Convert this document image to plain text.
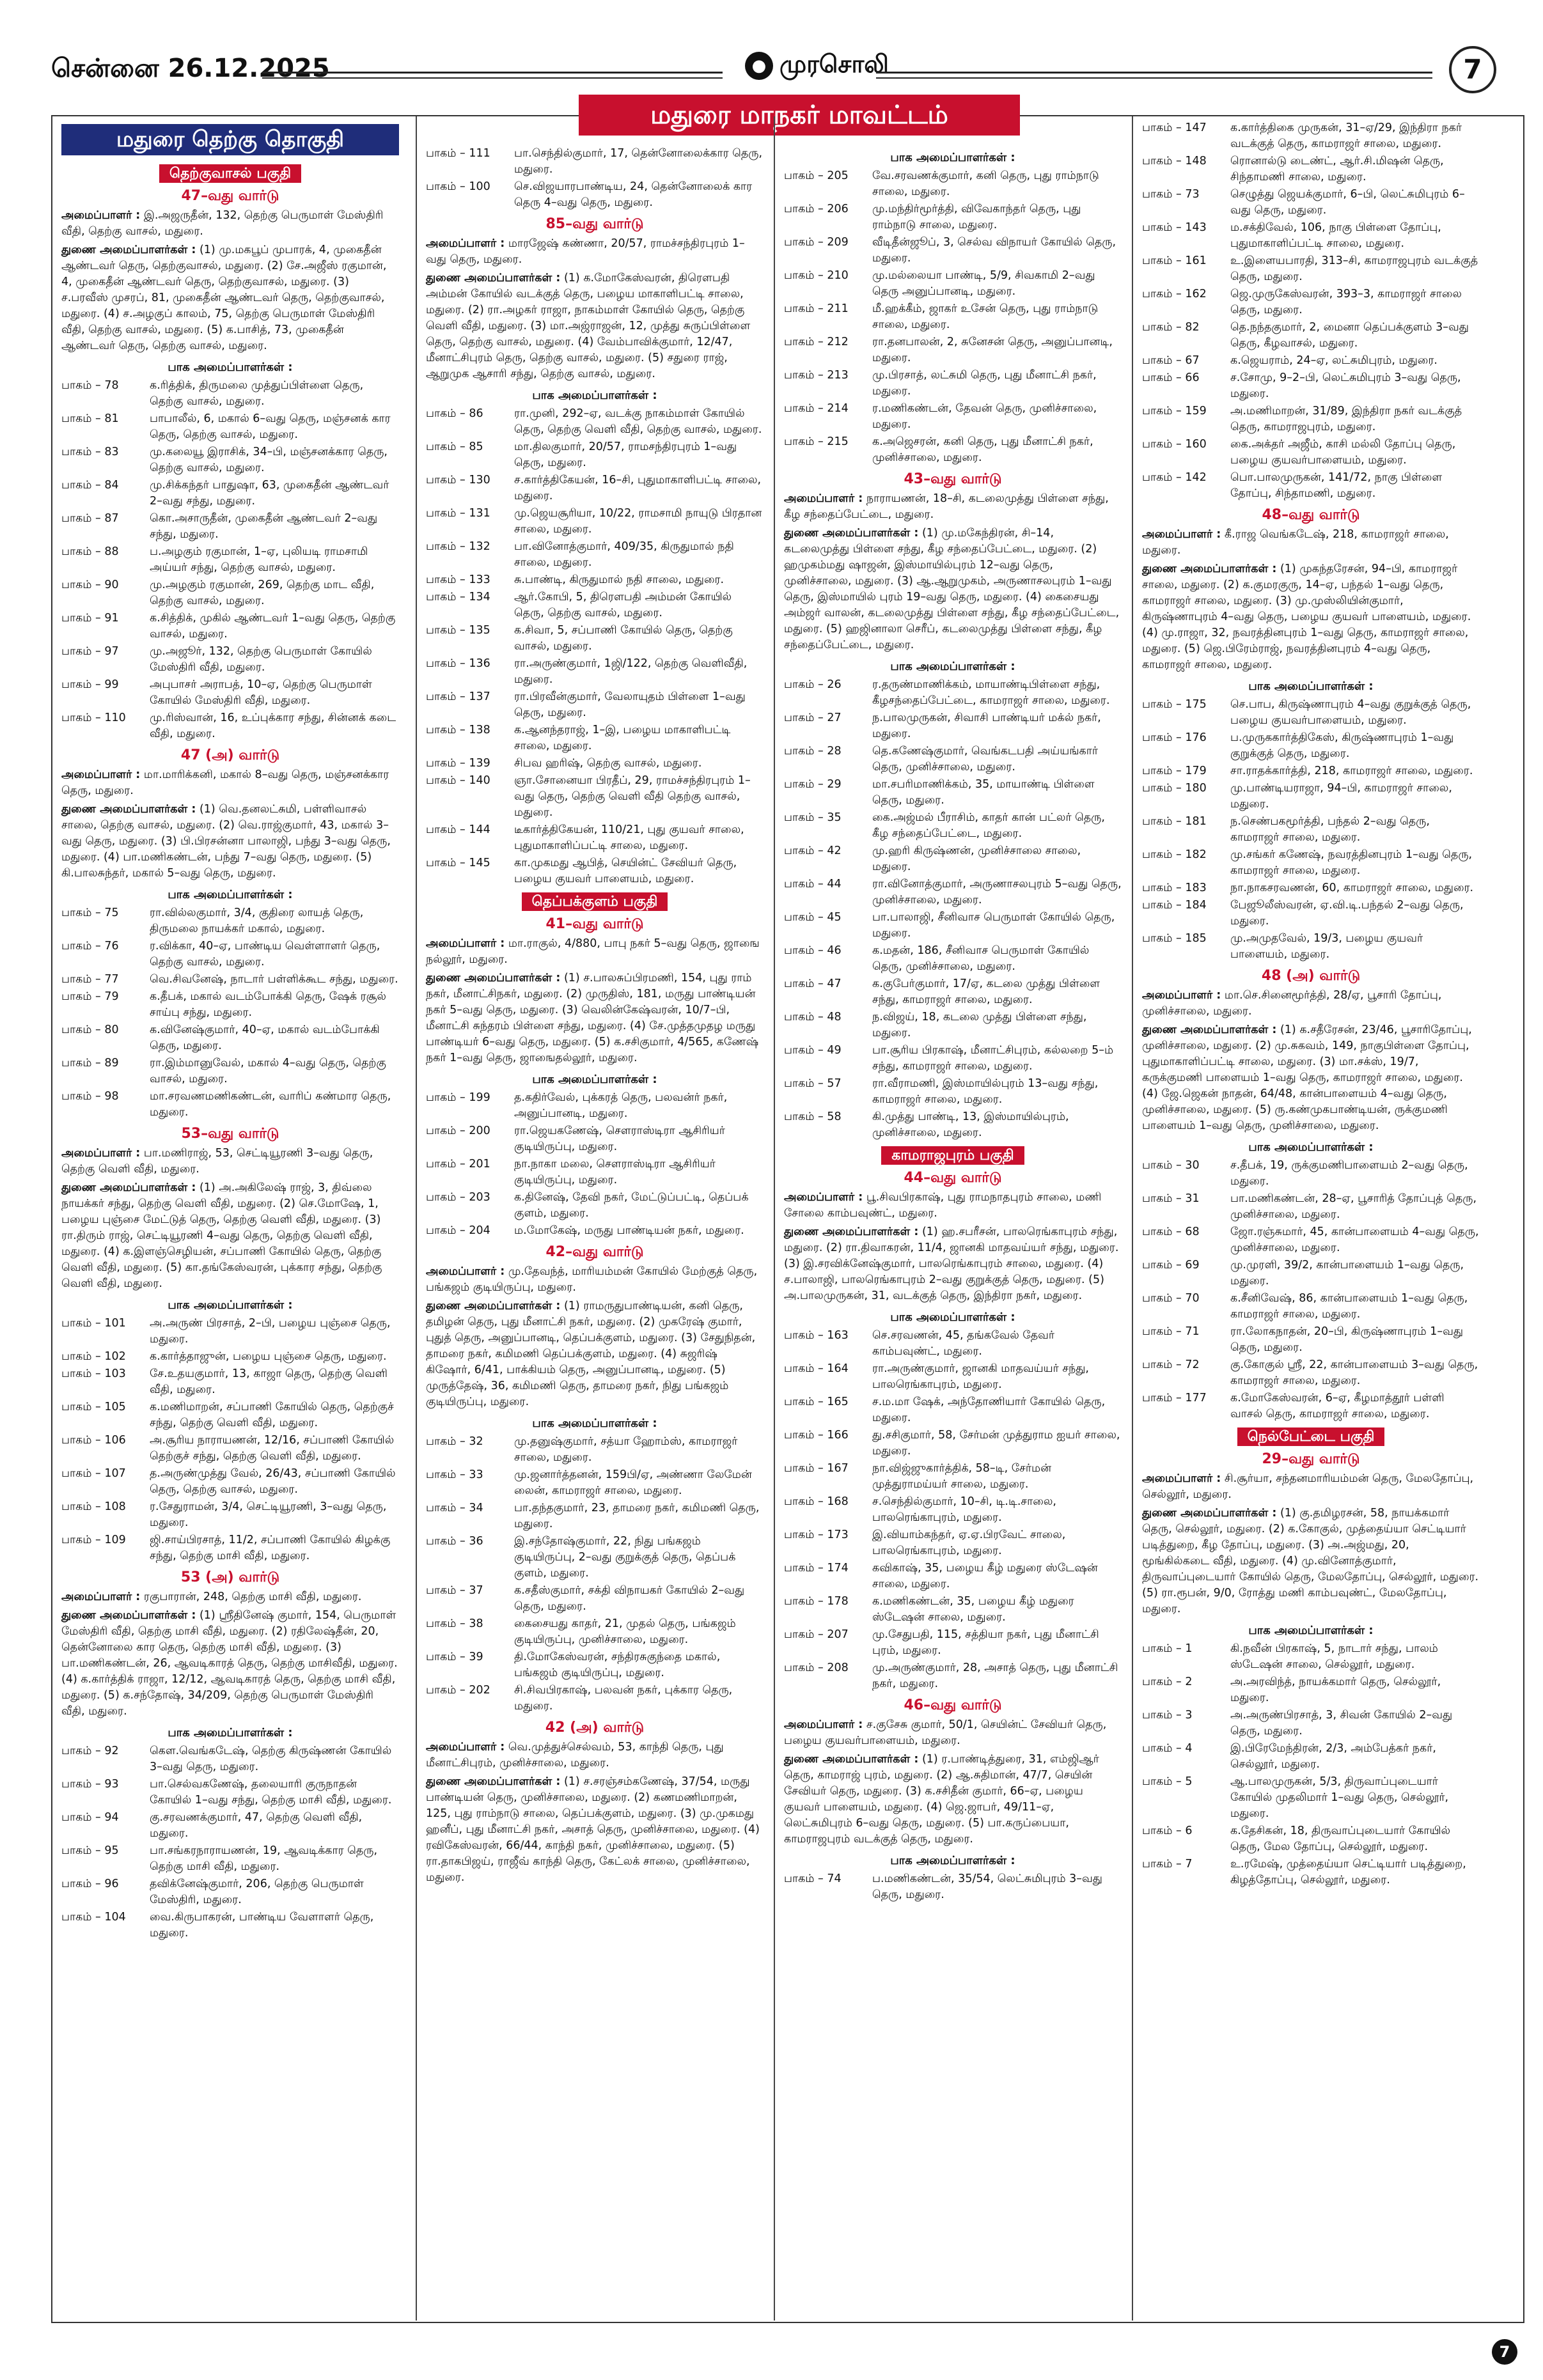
சென்னை 26.12.2025	● முரசொலி	7
மதுரை மாநகர் மாவட்டம்
மதுரை தெற்கு தொகுதி
தெற்குவாசல் பகுதி
47–வது வார்டு
அமைப்பாளர் : இ.அஜருதீன், 132, தெற்கு பெருமாள் மேஸ்திரி வீதி, தெற்கு வாசல், மதுரை.
துணை அமைப்பாளர்கள் : (1) மு.மகபூப் முபாரக், 4, முகைதீன் ஆண்டவர் தெரு, தெற்குவாசல், மதுரை. (2) சே.அஜீஸ் ரகுமான், 4, முகைதீன் ஆண்டவர் தெரு, தெற்குவாசல், மதுரை. (3) ச.பரவீஸ் முசரப், 81, முகைதீன் ஆண்டவர் தெரு, தெற்குவாசல், மதுரை. (4) ச.அழகுப் காலம், 75, தெற்கு பெருமாள் மேஸ்திரி வீதி, தெற்கு வாசல், மதுரை. (5) க.பாசித், 73, முகைதீன் ஆண்டவர் தெரு, தெற்கு வாசல், மதுரை.
பாக அமைப்பாளர்கள் :
பாகம் – 78	க.ரித்திக், திருமலை முத்துப்பிள்ளை தெரு, தெற்கு வாசல், மதுரை.
பாகம் – 81	பாபாலீல், 6, மகால் 6–வது தெரு, மஞ்சனக் கார தெரு, தெற்கு வாசல், மதுரை.
பாகம் – 83	மு.கலையூ இராசிக், 34–பி, மஞ்சனக்கார தெரு, தெற்கு வாசல், மதுரை.
பாகம் – 84	மு.சிக்கந்தர் பாதுஷா, 63, முகைதீன் ஆண்டவர் 2–வது சந்து, மதுரை.
பாகம் – 87	கொ.அசாருதீன், முகைதீன் ஆண்டவர் 2–வது சந்து, மதுரை.
பாகம் – 88	ப.அழகும் ரகுமான், 1–ஏ, புலியடி ராமசாமி அய்யர் சந்து, தெற்கு வாசல், மதுரை.
பாகம் – 90	மு.அழகும் ரகுமான், 269, தெற்கு மாட வீதி, தெற்கு வாசல், மதுரை.
பாகம் – 91	க.சித்திக், முகில் ஆண்டவர் 1–வது தெரு, தெற்கு வாசல், மதுரை.
பாகம் – 97	மு.அஜூர், 132, தெற்கு பெருமாள் கோயில் மேஸ்திரி வீதி, மதுரை.
பாகம் – 99	அபுபாசர் அராபத், 10–ஏ, தெற்கு பெருமாள் கோயில் மேஸ்திரி வீதி, மதுரை.
பாகம் – 110	மு.ரிஸ்வான், 16, உப்புக்கார சந்து, சின்னக் கடை வீதி, மதுரை.
47 (அ) வார்டு
அமைப்பாளர் : மா.மாரிக்கனி, மகால் 8–வது தெரு, மஞ்சனக்கார தெரு, மதுரை.
துணை அமைப்பாளர்கள் : (1) வெ.தனலட்சுமி, பள்ளிவாசல் சாலை, தெற்கு வாசல், மதுரை. (2) வெ.ராஜ்குமார், 43, மகால் 3–வது தெரு, மதுரை. (3) பி.பிரசன்னா பாலாஜி, பந்து 3–வது தெரு, மதுரை. (4) பா.மணிகண்டன், பந்து 7–வது தெரு, மதுரை. (5) கி.பாலசுந்தர், மகால் 5–வது தெரு, மதுரை.
பாக அமைப்பாளர்கள் :
பாகம் – 75	ரா.வில்லகுமார், 3/4, குதிரை லாயத் தெரு, திருமலை நாயக்கர் மகால், மதுரை.
பாகம் – 76	ர.விக்கா, 40–ஏ, பாண்டிய வெள்ளாளர் தெரு, தெற்கு வாசல், மதுரை.
பாகம் – 77	வெ.சிவனேஷ், நாடார் பள்ளிக்கூட சந்து, மதுரை.
பாகம் – 79	க.தீபக், மகால் வடம்போக்கி தெரு, ஷேக் ரசூல் சாய்பு சந்து, மதுரை.
பாகம் – 80	க.வினேஷ்குமார், 40–ஏ, மகால் வடம்போக்கி தெரு, மதுரை.
பாகம் – 89	ரா.இம்மானுவேல், மகால் 4–வது தெரு, தெற்கு வாசல், மதுரை.
பாகம் – 98	மா.சரவணமணிகண்டன், வாரிப் கண்மார தெரு, மதுரை.
53–வது வார்டு
அமைப்பாளர் : பா.மணிராஜ், 53, செட்டியூரணி 3–வது தெரு, தெற்கு வெளி வீதி, மதுரை.
துணை அமைப்பாளர்கள் : (1) அ.அகிலேஷ் ராஜ், 3, திவ்லை நாயக்கர் சந்து, தெற்கு வெளி வீதி, மதுரை. (2) செ.மோஷே, 1, பழைய புஞ்சை மேட்டுத் தெரு, தெற்கு வெளி வீதி, மதுரை. (3) ரா.திரும் ராஜ், செட்டியூரணி 4–வது தெரு, தெற்கு வெளி வீதி, மதுரை. (4) க.இளஞ்செழியன், சப்பாணி கோயில் தெரு, தெற்கு வெளி வீதி, மதுரை. (5) கா.தங்கேஸ்வரன், புக்கார சந்து, தெற்கு வெளி வீதி, மதுரை.
பாக அமைப்பாளர்கள் :
பாகம் – 101	அ.அருண் பிரசாத், 2–பி, பழைய புஞ்சை தெரு, மதுரை.
பாகம் – 102	க.கார்த்தாஜுன், பழைய புஞ்சை தெரு, மதுரை.
பாகம் – 103	சே.உதயகுமார், 13, காஜா தெரு, தெற்கு வெளி வீதி, மதுரை.
பாகம் – 105	க.மணிமாறன், சப்பாணி கோயில் தெரு, தெற்குச் சந்து, தெற்கு வெளி வீதி, மதுரை.
பாகம் – 106	அ.சூரிய நாராயணன், 12/16, சப்பாணி கோயில் தெற்குச் சந்து, தெற்கு வெளி வீதி, மதுரை.
பாகம் – 107	த.அருண்முத்து வேல், 26/43, சப்பாணி கோயில் தெரு, தெற்கு வாசல், மதுரை.
பாகம் – 108	ர.சேதுராமன், 3/4, செட்டியூரணி, 3–வது தெரு, மதுரை.
பாகம் – 109	ஜி.சாய்பிரசாத், 11/2, சப்பாணி கோயில் கிழக்கு சந்து, தெற்கு மாசி வீதி, மதுரை.
53 (அ) வார்டு
அமைப்பாளர் : ரகுபாரான், 248, தெற்கு மாசி வீதி, மதுரை.
துணை அமைப்பாளர்கள் : (1) ஸ்ரீதினேஷ் குமார், 154, பெருமாள் மேஸ்திரி வீதி, தெற்கு மாசி வீதி, மதுரை. (2) ரதிலேஷ்தீன், 20, தென்னோலை கார தெரு, தெற்கு மாசி வீதி, மதுரை. (3) பா.மணிகண்டன், 26, ஆவடிகாரத் தெரு, தெற்கு மாசிவீதி, மதுரை. (4) க.கார்த்திக் ராஜா, 12/12, ஆவடிகாரத் தெரு, தெற்கு மாசி வீதி, மதுரை. (5) க.சந்தோஷ், 34/209, தெற்கு பெருமாள் மேஸ்திரி வீதி, மதுரை.
பாக அமைப்பாளர்கள் :
பாகம் – 92	கௌ.வெங்கடேஷ், தெற்கு கிருஷ்ணன் கோயில் 3–வது தெரு, மதுரை.
பாகம் – 93	பா.செல்வகணேஷ், தலையாரி குருநாதன் கோயில் 1–வது சந்து, தெற்கு மாசி வீதி, மதுரை.
பாகம் – 94	கு.சரவணக்குமார், 47, தெற்கு வெளி வீதி, மதுரை.
பாகம் – 95	பா.சங்கரநாராயணன், 19, ஆவடிக்கார தெரு, தெற்கு மாசி வீதி, மதுரை.
பாகம் – 96	தவிக்னேஷ்குமார், 206, தெற்கு பெருமாள் மேஸ்திரி, மதுரை.
பாகம் – 104	வை.கிருபாகரன், பாண்டிய வேளாளர் தெரு, மதுரை.
பாகம் – 111	பா.செந்தில்குமார், 17, தென்னோலைக்கார தெரு, மதுரை.
பாகம் – 100	செ.விஜயாரபாண்டிய, 24, தென்னோலைக் கார தெரு 4–வது தெரு, மதுரை.
85–வது வார்டு
அமைப்பாளர் : மாரஜேஷ் கண்ணா, 20/57, ராமச்சந்திரபுரம் 1–வது தெரு, மதுரை.
துணை அமைப்பாளர்கள் : (1) க.மோகேஸ்வரன், திரௌபதி அம்மன் கோயில் வடக்குத் தெரு, பழைய மாகாளிபட்டி சாலை, மதுரை. (2) ரா.அழகர் ராஜா, நாகம்மாள் கோயில் தெரு, தெற்கு வெளி வீதி, மதுரை. (3) மா.அஜ்ராஜன், 12, முத்து சுருப்பிள்ளை தெரு, தெற்கு வாசல், மதுரை. (4) வேம்பாவிக்குமார், 12/47, மீனாட்சிபுரம் தெரு, தெற்கு வாசல், மதுரை. (5) சதுரை ராஜ், ஆறுமுக ஆசாரி சந்து, தெற்கு வாசல், மதுரை.
பாக அமைப்பாளர்கள் :
பாகம் – 86	ரா.முனி, 292–ஏ, வடக்கு நாகம்மாள் கோயில் தெரு, தெற்கு வெளி வீதி, தெற்கு வாசல், மதுரை.
பாகம் – 85	மா.திலகுமார், 20/57, ராமசந்திரபுரம் 1–வது தெரு, மதுரை.
பாகம் – 130	ச.கார்த்திகேயன், 16–சி, புதுமாகாளிபட்டி சாலை, மதுரை.
பாகம் – 131	மு.ஜெயசூரியா, 10/22, ராமசாமி நாயுடு பிரதான சாலை, மதுரை.
பாகம் – 132	பா.வினோத்குமார், 409/35, கிருதுமால் நதி சாலை, மதுரை.
பாகம் – 133	சு.பாண்டி, கிருதுமால் நதி சாலை, மதுரை.
பாகம் – 134	ஆர்.கோபி, 5, திரௌபதி அம்மன் கோயில் தெரு, தெற்கு வாசல், மதுரை.
பாகம் – 135	க.சிவா, 5, சப்பாணி கோயில் தெரு, தெற்கு வாசல், மதுரை.
பாகம் – 136	ரா.அருண்குமார், 1ஜி/122, தெற்கு வெளிவீதி, மதுரை.
பாகம் – 137	ரா.பிரவீன்குமார், வேலாயுதம் பிள்ளை 1–வது தெரு, மதுரை.
பாகம் – 138	க.ஆனந்தராஜ், 1–இ, பழைய மாகாளிபட்டி சாலை, மதுரை.
பாகம் – 139	சிபவ ஹரிஷ், தெற்கு வாசல், மதுரை.
பாகம் – 140	ஞா.சோனையா பிரதீப், 29, ராமச்சந்திரபுரம் 1–வது தெரு, தெற்கு வெளி வீதி தெற்கு வாசல், மதுரை.
பாகம் – 144	டீகார்த்திகேயன், 110/21, புது குயவர் சாலை, புதுமாகாளிப்பட்டி சாலை, மதுரை.
பாகம் – 145	கா.முகமது ஆபித், செயின்ட் சேவியர் தெரு, பழைய குயவர் பாளையம், மதுரை.
தெப்பக்குளம் பகுதி
41–வது வார்டு
அமைப்பாளர் : மா.ராகுல், 4/880, பாபு நகர் 5–வது தெரு, ஜாஙை நல்லூர், மதுரை.
துணை அமைப்பாளர்கள் : (1) ச.பாலசுப்பிரமணி, 154, புது ராம் நகர், மீனாட்சிநகர், மதுரை. (2) முருதிஸ், 181, மருது பாண்டியன் நகர் 5–வது தெரு, மதுரை. (3) வெலின்கேஷ்வரன், 10/7–பி, மீனாட்சி சுந்தரம் பிள்ளை சந்து, மதுரை. (4) சே.முத்தமுதழ மருது பாண்டியர் 6–வது தெரு, மதுரை. (5) க.சசிகுமார், 4/565, கணேஷ் நகர் 1–வது தெரு, ஜாஙைதல்லூர், மதுரை.
பாக அமைப்பாளர்கள் :
பாகம் – 199	த.கதிர்வேல், புக்கரத் தெரு, பலவன்ர் நகர், அனுப்பானடி, மதுரை.
பாகம் – 200	ரா.ஜெயகணேஷ், சௌராஸ்டிரா ஆசிரியர் குடியிருப்பு, மதுரை.
பாகம் – 201	நா.நாகா மலை, சௌராஸ்டிரா ஆசிரியர் குடியிருப்பு, மதுரை.
பாகம் – 203	க.தினேஷ், தேவி நகர், மேட்டுப்பட்டி, தெப்பக் குளம், மதுரை.
பாகம் – 204	ம.மோகேஷ், மருது பாண்டியன் நகர், மதுரை.
42–வது வார்டு
அமைப்பாளர் : மு.தேவந்த், மாரியம்மன் கோயில் மேற்குத் தெரு, பங்கஜம் குடியிருப்பு, மதுரை.
துணை அமைப்பாளர்கள் : (1) ராமருதுபாண்டியன், கனி தெரு, தமிழன் தெரு, புது மீனாட்சி நகர், மதுரை. (2) முகரேஷ் குமார், புதுத் தெரு, அனுப்பானடி, தெப்பக்குளம், மதுரை. (3) சேதுநிதன், தாமரை நகர், கமிமணி தெப்பக்குளம், மதுரை. (4) சுஜரிஷ் கிஷோர், 6/41, பாக்கியம் தெரு, அனுப்பானடி, மதுரை. (5) முருத்தேஷ், 36, கமிமணி தெரு, தாமரை நகர், நிது பங்கஜம் குடியிருப்பு, மதுரை.
பாக அமைப்பாளர்கள் :
பாகம் – 32	மு.தனுஷ்குமார், சத்யா ஹோம்ஸ், காமராஜர் சாலை, மதுரை.
பாகம் – 33	மு.ஜனார்த்தனன், 159பி/ஏ, அண்ணா லேமேன் லைன், காமராஜர் சாலை, மதுரை.
பாகம் – 34	பா.தந்தகுமார், 23, தாமரை நகர், கமிமணி தெரு, மதுரை.
பாகம் – 36	இ.சந்தோஷ்குமார், 22, நிது பங்கஜம் குடியிருப்பு, 2–வது குறுக்குத் தெரு, தெப்பக் குளம், மதுரை.
பாகம் – 37	க.சதீஸ்குமார், சக்தி விநாயகர் கோயில் 2–வது தெரு, மதுரை.
பாகம் – 38	கைசையது காதர், 21, முதல் தெரு, பங்கஜம் குடியிருப்பு, முனிச்சாலை, மதுரை.
பாகம் – 39	தி.மோகேஸ்வரன், சந்திரசுகுந்தை மகால், பங்கஜம் குடியிருப்பு, மதுரை.
பாகம் – 202	சி.சிவபிரகாஷ், பலவன் நகர், புக்கார தெரு, மதுரை.
42 (அ) வார்டு
அமைப்பாளர் : வெ.முத்துச்செல்வம், 53, காந்தி தெரு, புது மீனாட்சிபுரம், முனிச்சாலை, மதுரை.
துணை அமைப்பாளர்கள் : (1) ச.சரஞ்சம்கணேஷ், 37/54, மருது பாண்டியன் தெரு, முனிச்சாலை, மதுரை. (2) கணமணிமாறன், 125, புது ராம்நாடு சாலை, தெப்பக்குளம், மதுரை. (3) மு.முகமது ஹனீப், புது மீனாட்சி நகர், அசாத் தெரு, முனிச்சாலை, மதுரை. (4) ரவிகேஸ்வரன், 66/44, காந்தி நகர், முனிச்சாலை, மதுரை. (5) ரா.தாகபிஜய், ராஜீவ் காந்தி தெரு, கேட்லக் சாலை, முனிச்சாலை, மதுரை.
பாக அமைப்பாளர்கள் :
பாகம் – 205	வே.சரவணக்குமார், கனி தெரு, புது ராம்நாடு சாலை, மதுரை.
பாகம் – 206	மு.மந்திர்மூர்த்தி, விவேகாந்தர் தெரு, புது ராம்நாடு சாலை, மதுரை.
பாகம் – 209	வீடிதீன்ஜூப், 3, செல்வ விநாயர் கோயில் தெரு, மதுரை.
பாகம் – 210	மு.மல்லையா பாண்டி, 5/9, சிவகாமி 2–வது தெரு அனுப்பானடி, மதுரை.
பாகம் – 211	மீ.ஹக்கீம், ஜாகர் உசேன் தெரு, புது ராம்நாடு சாலை, மதுரை.
பாகம் – 212	ரா.தனபாலன், 2, சுனேசன் தெரு, அனுப்பானடி, மதுரை.
பாகம் – 213	மு.பிரசாத், லட்சுமி தெரு, புது மீனாட்சி நகர், மதுரை.
பாகம் – 214	ர.மணிகண்டன், தேவன் தெரு, முனிச்சாலை, மதுரை.
பாகம் – 215	க.அஜெசரன், கனி தெரு, புது மீனாட்சி நகர், முனிச்சாலை, மதுரை.
43–வது வார்டு
அமைப்பாளர் : நாராயணன், 18–சி, கடலைமுத்து பிள்ளை சந்து, கீழ சந்தைப்பேட்டை, மதுரை.
துணை அமைப்பாளர்கள் : (1) மு.மகேந்திரன், சி–14, கடலைமுத்து பிள்ளை சந்து, கீழ சந்தைப்பேட்டை, மதுரை. (2) ஹமுகம்மது ஷாஜன், இஸ்மாயில்புரம் 12–வது தெரு, முனிச்சாலை, மதுரை. (3) ஆ.ஆறுமுகம், அருணாசலபுரம் 1–வது தெரு, இஸ்மாயில் புரம் 19–வது தெரு, மதுரை. (4) கைசையது அம்ஜர் வாலன், கடலைமுத்து பிள்ளை சந்து, கீழ சந்தைப்பேட்டை, மதுரை. (5) ஹஜினாலா செரீப், கடலைமுத்து பிள்ளை சந்து, கீழ சந்தைப்பேட்டை, மதுரை.
பாக அமைப்பாளர்கள் :
பாகம் – 26	ர.தருண்மாணிக்கம், மாயாண்டிபிள்ளை சந்து, கீழசந்தைப்பேட்டை, காமராஜர் சாலை, மதுரை.
பாகம் – 27	ந.பாலமுருகன், சிவாசி பாண்டியர் மக்ல் நகர், மதுரை.
பாகம் – 28	தெ.கணேஷ்குமார், வெங்கடபதி அய்யங்கார் தெரு, முனிச்சாலை, மதுரை.
பாகம் – 29	மா.சபரிமாணிக்கம், 35, மாயாண்டி பிள்ளை தெரு, மதுரை.
பாகம் – 35	கை.அஜ்மல் பீராசிம், காதர் கான் பட்லர் தெரு, கீழ சந்தைப்பேட்டை, மதுரை.
பாகம் – 42	மு.ஹரி கிருஷ்ணன், முனிச்சாலை சாலை, மதுரை.
பாகம் – 44	ரா.வினோத்குமார், அருணாசலபுரம் 5–வது தெரு, முனிச்சாலை, மதுரை.
பாகம் – 45	பா.பாலாஜி, சீனிவாச பெருமாள் கோயில் தெரு, மதுரை.
பாகம் – 46	க.மதன், 186, சீனிவாச பெருமாள் கோயில் தெரு, முனிச்சாலை, மதுரை.
பாகம் – 47	க.குபேர்குமார், 17/ஏ, கடலை முத்து பிள்ளை சந்து, காமராஜர் சாலை, மதுரை.
பாகம் – 48	ந.விஜய், 18, கடலை முத்து பிள்ளை சந்து, மதுரை.
பாகம் – 49	பா.சூரிய பிரகாஷ், மீனாட்சிபுரம், கல்லறை 5–ம் சந்து, காமராஜர் சாலை, மதுரை.
பாகம் – 57	ரா.வீராமணி, இஸ்மாயில்புரம் 13–வது சந்து, காமராஜர் சாலை, மதுரை.
பாகம் – 58	கி.முத்து பாண்டி, 13, இஸ்மாயில்புரம், முனிச்சாலை, மதுரை.
காமராஜபுரம் பகுதி
44–வது வார்டு
அமைப்பாளர் : பூ.சிவபிரகாஷ், புது ராமநாதபுரம் சாலை, மணி சோலை காம்பவுண்ட், மதுரை.
துணை அமைப்பாளர்கள் : (1) ஹ.சபரீசன், பாலரெங்காபுரம் சந்து, மதுரை. (2) ரா.திவாகரன், 11/4, ஜானகி மாதவய்யர் சந்து, மதுரை. (3) இ.சரவிக்னேஷ்குமார், பாலரெங்காபுரம் சாலை, மதுரை. (4) ச.பாலாஜி, பாலரெங்காபுரம் 2–வது குறுக்குத் தெரு, மதுரை. (5) அ.பாலமுருகன், 31, வடக்குத் தெரு, இந்திரா நகர், மதுரை.
பாக அமைப்பாளர்கள் :
பாகம் – 163	செ.சரவணன், 45, தங்கவேல் தேவர் காம்பவுண்ட், மதுரை.
பாகம் – 164	ரா.அருண்குமார், ஜானகி மாதவய்யர் சந்து, பாலரெங்காபுரம், மதுரை.
பாகம் – 165	ச.ம.மா ஷேக், அந்தோணியார் கோயில் தெரு, மதுரை.
பாகம் – 166	து.சசிகுமார், 58, சேர்மன் முத்துராம ஐயர் சாலை, மதுரை.
பாகம் – 167	நா.விஜ்ஜுகார்த்திக், 58–டி, சேர்மன் முத்துராமய்யர் சாலை, மதுரை.
பாகம் – 168	ச.செந்தில்குமார், 10–சி, டி.டி.சாலை, பாலரெங்காபுரம், மதுரை.
பாகம் – 173	இ.வியாம்கந்தர், ஏ.ஏ.பிரவேட் சாலை, பாலரெங்காபுரம், மதுரை.
பாகம் – 174	கவிகாஷ், 35, பழைய கீழ் மதுரை ஸ்டேஷன் சாலை, மதுரை.
பாகம் – 178	க.மணிகண்டன், 35, பழைய கீழ் மதுரை ஸ்டேஷன் சாலை, மதுரை.
பாகம் – 207	மு.சேதுபதி, 115, சத்தியா நகர், புது மீனாட்சி புரம், மதுரை.
பாகம் – 208	மு.அருண்குமார், 28, அசாத் தெரு, புது மீனாட்சி நகர், மதுரை.
46–வது வார்டு
அமைப்பாளர் : ச.குசேசு குமார், 50/1, செயின்ட் சேவியர் தெரு, பழைய குயவர்பாளையம், மதுரை.
துணை அமைப்பாளர்கள் : (1) ர.பாண்டித்துரை, 31, எம்ஜிஆர் தெரு, காமராஜ் புரம், மதுரை. (2) ஆ.சுதிமான், 47/7, செயின் சேவியர் தெரு, மதுரை. (3) க.சசிதீன் குமார், 66–ஏ, பழைய குயவர் பாளையம், மதுரை. (4) ஜெ.ஜாபர், 49/11–ஏ, லெட்சுமிபுரம் 6–வது தெரு, மதுரை. (5) பா.கருப்பையா, காமராஜபுரம் வடக்குத் தெரு, மதுரை.
பாக அமைப்பாளர்கள் :
பாகம் – 74	ப.மணிகண்டன், 35/54, லெட்சுமிபுரம் 3–வது தெரு, மதுரை.
பாகம் – 147	க.கார்த்திகை முருகன், 31–ஏ/29, இந்திரா நகர் வடக்குத் தெரு, காமராஜர் சாலை, மதுரை.
பாகம் – 148	ரொனால்டு டைண்ட், ஆர்.சி.மிஷன் தெரு, சிந்தாமணி சாலை, மதுரை.
பாகம் – 73	செழுத்து ஜெயக்குமார், 6–பி, லெட்சுமிபுரம் 6–வது தெரு, மதுரை.
பாகம் – 143	ம.சக்திவேல், 106, நாகு பிள்ளை தோப்பு, புதுமாகாளிப்பட்டி சாலை, மதுரை.
பாகம் – 161	உ.இளையபாரதி, 313–சி, காமராஜபுரம் வடக்குத் தெரு, மதுரை.
பாகம் – 162	ஜெ.முருகேஸ்வரன், 393–3, காமராஜர் சாலை தெரு, மதுரை.
பாகம் – 82	தெ.நந்தகுமார், 2, மைனா தெப்பக்குளம் 3–வது தெரு, கீழவாசல், மதுரை.
பாகம் – 67	க.ஜெயராம், 24–ஏ, லட்சுமிபுரம், மதுரை.
பாகம் – 66	ச.சோமு, 9–2–பி, லெட்சுமிபுரம் 3–வது தெரு, மதுரை.
பாகம் – 159	அ.மணிமாறன், 31/89, இந்திரா நகர் வடக்குத் தெரு, காமராஜபுரம், மதுரை.
பாகம் – 160	கை.அக்தர் அஜீம், காசி மல்லி தோப்பு தெரு, பழைய குயவர்பாளையம், மதுரை.
பாகம் – 142	பொ.பாலமுருகன், 141/72, நாகு பிள்ளை தோப்பு, சிந்தாமணி, மதுரை.
48–வது வார்டு
அமைப்பாளர் : கீ.ராஜ வெங்கடேஷ், 218, காமராஜர் சாலை, மதுரை.
துணை அமைப்பாளர்கள் : (1) முகந்தரேசன், 94–பி, காமராஜர் சாலை, மதுரை. (2) க.குமரகுரு, 14–ஏ, பந்தல் 1–வது தெரு, காமராஜர் சாலை, மதுரை. (3) மு.முஸ்லியின்குமார், கிருஷ்ணாபுரம் 4–வது தெரு, பழைய குயவர் பாளையம், மதுரை. (4) மு.ராஜா, 32, நவரத்தினபுரம் 1–வது தெரு, காமராஜர் சாலை, மதுரை. (5) ஜெ.பிரேம்ராஜ், நவரத்தினபுரம் 4–வது தெரு, காமராஜர் சாலை, மதுரை.
பாக அமைப்பாளர்கள் :
பாகம் – 175	செ.பாப, கிருஷ்ணாபுரம் 4–வது குறுக்குத் தெரு, பழைய குயவர்பாளையம், மதுரை.
பாகம் – 176	ப.முருககார்த்திகேஸ், கிருஷ்ணாபுரம் 1–வது குறுக்குத் தெரு, மதுரை.
பாகம் – 179	சா.ராதக்கார்த்தி, 218, காமராஜர் சாலை, மதுரை.
பாகம் – 180	மு.பாண்டியராஜா, 94–பி, காமராஜர் சாலை, மதுரை.
பாகம் – 181	ந.செண்பகமூர்த்தி, பந்தல் 2–வது தெரு, காமராஜர் சாலை, மதுரை.
பாகம் – 182	மு.சங்கர் கணேஷ், நவரத்தினபுரம் 1–வது தெரு, காமராஜர் சாலை, மதுரை.
பாகம் – 183	நா.நாகசரவணன், 60, காமராஜர் சாலை, மதுரை.
பாகம் – 184	பேஜூலீஸ்வரன், ஏ.வி.டி.பந்தல் 2–வது தெரு, மதுரை.
பாகம் – 185	மு.அமுதவேல், 19/3, பழைய குயவர் பாளையம், மதுரை.
48 (அ) வார்டு
அமைப்பாளர் : மா.செ.சினைமூர்த்தி, 28/ஏ, பூசாரி தோப்பு, முனிச்சாலை, மதுரை.
துணை அமைப்பாளர்கள் : (1) க.சதீரேசன், 23/46, பூசாரிதோப்பு, முனிச்சாலை, மதுரை. (2) மு.சுகவம், 149, நாகுபிள்ளை தோப்பு, புதுமாகாளிப்பட்டி சாலை, மதுரை. (3) மா.சக்ஸ், 19/7, கருக்குமணி பாளையம் 1–வது தெரு, காமராஜர் சாலை, மதுரை. (4) ஜே.ஜெகன் நாதன், 64/48, கான்பாளையம் 4–வது தெரு, முனிச்சாலை, மதுரை. (5) ரு.கண்முகபாண்டியன், ருக்குமணி பாளையம் 1–வது தெரு, முனிச்சாலை, மதுரை.
பாக அமைப்பாளர்கள் :
பாகம் – 30	ச.தீபக், 19, ருக்குமணிபாளையம் 2–வது தெரு, மதுரை.
பாகம் – 31	பா.மணிகண்டன், 28–ஏ, பூசாரித் தோப்புத் தெரு, முனிச்சாலை, மதுரை.
பாகம் – 68	ஜோ.ரஞ்சுமார், 45, கான்பாளையம் 4–வது தெரு, முனிச்சாலை, மதுரை.
பாகம் – 69	மு.முரளி, 39/2, கான்பாளையம் 1–வது தெரு, மதுரை.
பாகம் – 70	க.சீனிவேஷ், 86, கான்பாளையம் 1–வது தெரு, காமராஜர் சாலை, மதுரை.
பாகம் – 71	ரா.லோகநாதன், 20–பி, கிருஷ்ணாபுரம் 1–வது தெரு, மதுரை.
பாகம் – 72	கு.கோகுல் ஸ்ரீ, 22, கான்பாளையம் 3–வது தெரு, காமராஜர் சாலை, மதுரை.
பாகம் – 177	க.மோகேஸ்வரன், 6–ஏ, கீழமாத்தூர் பள்ளி வாசல் தெரு, காமராஜர் சாலை, மதுரை.
நெல்பேட்டை பகுதி
29–வது வார்டு
அமைப்பாளர் : சி.சூர்யா, சந்தனமாரியம்மன் தெரு, மேலதோப்பு, செல்லூர், மதுரை.
துணை அமைப்பாளர்கள் : (1) கு.தமிழரசன், 58, நாயக்கமார் தெரு, செல்லூர், மதுரை. (2) க.கோகுல், முத்தைய்யா செட்டியார் படித்துறை, கீழ தோப்பு, மதுரை. (3) அ.அஜ்மது, 20, மூங்கில்கடை வீதி, மதுரை. (4) மு.வினோத்குமார், திருவாப்புடையார் கோயில் தெரு, மேலதோப்பு, செல்லூர், மதுரை. (5) ரா.ரூபன், 9/0, ரோத்து மணி காம்பவுண்ட், மேலதோப்பு, மதுரை.
பாக அமைப்பாளர்கள் :
பாகம் – 1	கி.நவீன் பிரகாஷ், 5, நாடார் சந்து, பாலம் ஸ்டேஷன் சாலை, செல்லூர், மதுரை.
பாகம் – 2	அ.அரவிந்த், நாயக்கமார் தெரு, செல்லூர், மதுரை.
பாகம் – 3	அ.அருண்பிரசாத், 3, சிவன் கோயில் 2–வது தெரு, மதுரை.
பாகம் – 4	இ.பிரேமேந்திரன், 2/3, அம்பேத்கர் நகர், செல்லூர், மதுரை.
பாகம் – 5	ஆ.பாலமுருகன், 5/3, திருவாப்புடையார் கோயில் முதலிமார் 1–வது தெரு, செல்லூர், மதுரை.
பாகம் – 6	க.தேசிகன், 18, திருவாப்புடையார் கோயில் தெரு, மேல தோப்பு, செல்லூர், மதுரை.
பாகம் – 7	உ.ரமேஷ், முத்தைய்யா செட்டியார் படித்துறை, கிழத்தோப்பு, செல்லூர், மதுரை.
7
